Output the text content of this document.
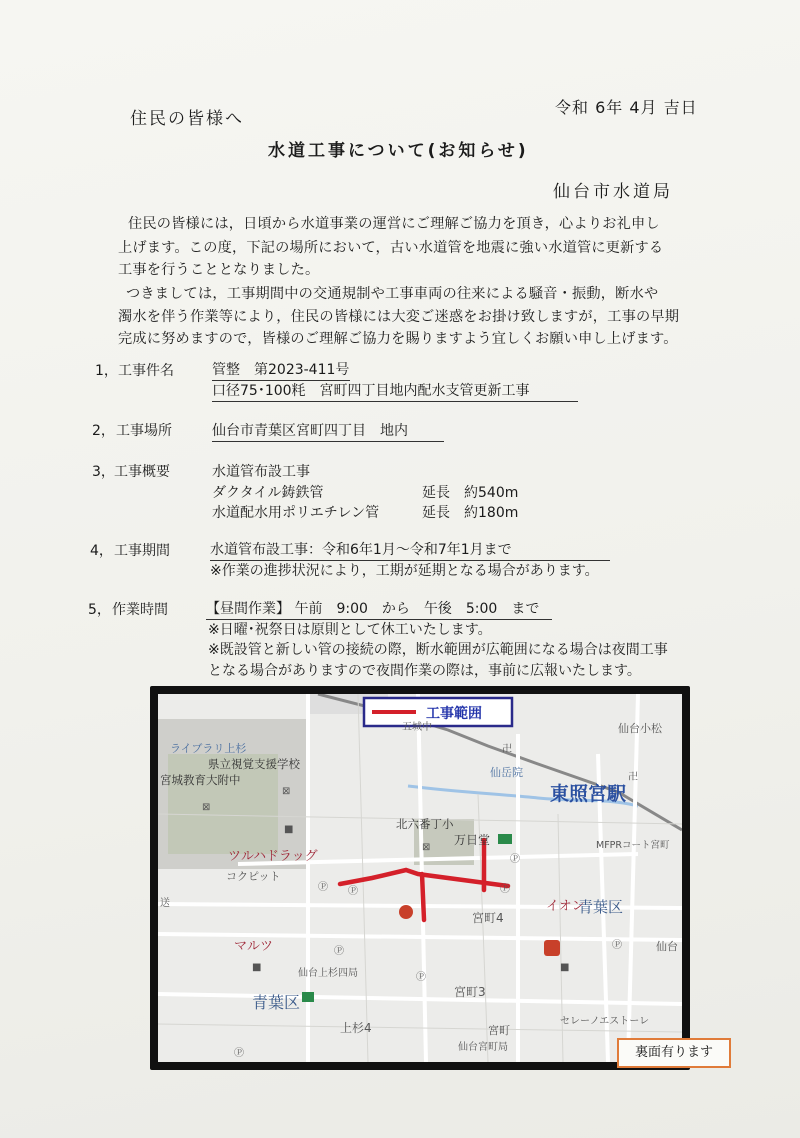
住民の皆様へ
令和 6年 4月 吉日
水道工事について(お知らせ)
仙台市水道局
住民の皆様には，日頃から水道事業の運営にご理解ご協力を頂き，心よりお礼申し
上げます。この度，下記の場所において，古い水道管を地震に強い水道管に更新する
工事を行うこととなりました。
つきましては，工事期間中の交通規制や工事車両の往来による騒音・振動，断水や
濁水を伴う作業等により，住民の皆様には大変ご迷惑をお掛け致しますが，工事の早期
完成に努めますので，皆様のご理解ご協力を賜りますよう宜しくお願い申し上げます。
1， 工事件名	管整　第2023-411号
口径75･100粍　宮町四丁目地内配水支管更新工事
2， 工事場所	仙台市青葉区宮町四丁目　地内
3， 工事概要	水道管布設工事
ダクタイル鋳鉄管	延長　約540m
水道配水用ポリエチレン管	延長　約180m
4， 工事期間	水道管布設工事：令和6年1月～令和7年1月まで
※作業の進捗状況により，工期が延期となる場合があります。
5， 作業時間	【昼間作業】 午前　9:00　から　午後　5:00　まで
※日曜･祝祭日は原則として休工いたします。
※既設管と新しい管の接続の際，断水範囲が広範囲になる場合は夜間工事
となる場合がありますので夜間作業の際は，事前に広報いたします。
工事範囲
ライブラリ上杉
県立視覚支援学校
宮城教育大附中
五城中
仙岳院
東照宮駅
仙台小松
北六番丁小
万日堂	MFPRコート宮町
ツルハドラッグ
コクピット
送	イオン
青葉区
宮町4
マルツ	仙台
仙台上杉四局
青葉区
宮町3
上杉4	宮町
仙台宮町局
セレーノエストーレ
⊠
⊠
⊠
■
卍
卍
Ⓟ Ⓟ	Ⓟ
Ⓟ
Ⓟ
Ⓟ
Ⓟ
■
■
Ⓟ
裏面有ります
